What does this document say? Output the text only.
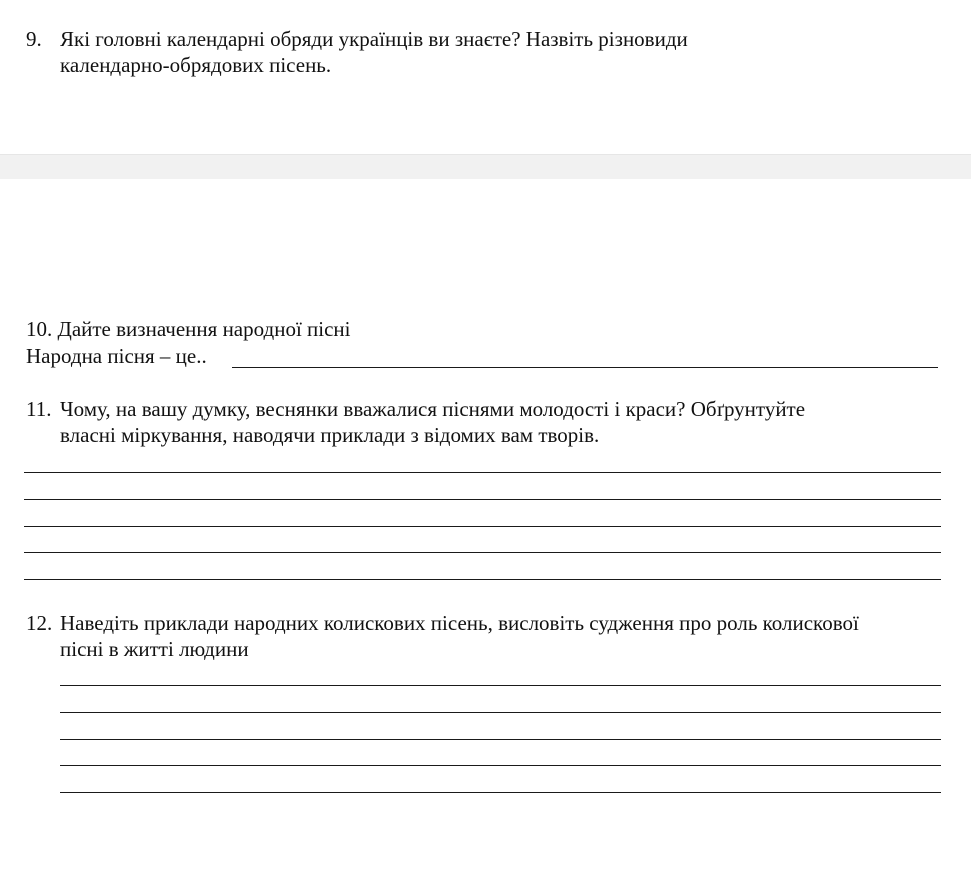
9. Які головні календарні обряди українців ви знаєте? Назвіть різновиди
календарно-обрядових пісень.
10. Дайте визначення народної пісні
Народна пісня – це..
11. Чому, на вашу думку, веснянки вважалися піснями молодості і краси? Обґрунтуйте
власні міркування, наводячи приклади з відомих вам творів.
12. Наведіть приклади народних колискових пісень, висловіть судження про роль колискової
пісні в житті людини
